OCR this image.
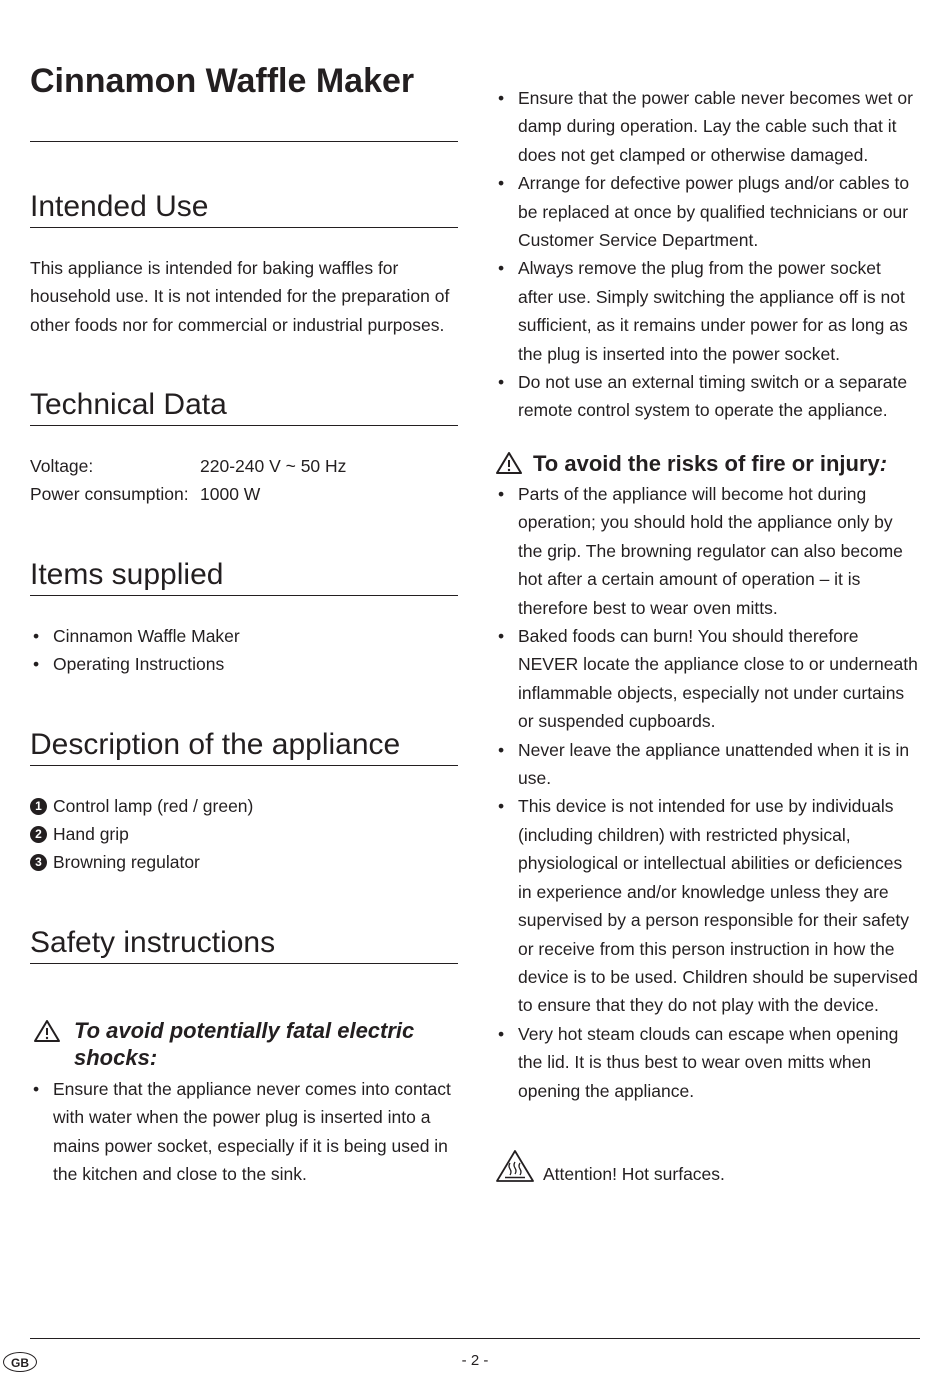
Cinnamon Waffle Maker
Intended Use

This appliance is intended for baking waffles for household use. It is not intended for the preparation of other foods nor for commercial or industrial purposes.

Technical Data
Voltage:	220-240 V ~ 50 Hz
Power consumption: 1000 W
Items supplied
• Cinnamon Waffle Maker
• Operating Instructions
Description of the appliance
1 Control lamp (red / green)
2 Hand grip
3 Browning regulator
Safety instructions
To avoid potentially fatal electric shocks:
• Ensure that the appliance never comes into contact with water when the power plug is inserted into a mains power socket, especially if it is being used in the kitchen and close to the sink.
• Ensure that the power cable never becomes wet or damp during operation. Lay the cable such that it does not get clamped or otherwise damaged.
• Arrange for defective power plugs and/or cables to be replaced at once by qualified technicians or our Customer Service Department.
• Always remove the plug from the power socket after use. Simply switching the appliance off is not sufficient, as it remains under power for as long as the plug is inserted into the power socket.
• Do not use an external timing switch or a separate remote control system to operate the appliance.
To avoid the risks of fire or injury:
• Parts of the appliance will become hot during operation; you should hold the appliance only by the grip. The browning regulator can also become hot after a certain amount of operation – it is therefore best to wear oven mitts.
• Baked foods can burn! You should therefore NEVER locate the appliance close to or underneath inflammable objects, especially not under curtains or suspended cupboards.
• Never leave the appliance unattended when it is in use.
• This device is not intended for use by individuals (including children) with restricted physical, physiological or intellectual abilities or deficiences in experience and/or knowledge unless they are supervised by a person responsible for their safety or receive from this person instruction in how the device is to be used. Children should be supervised to ensure that they do not play with the device.
• Very hot steam clouds can escape when opening the lid. It is thus best to wear oven mitts when opening the appliance.
Attention! Hot surfaces.
GB	- 2 -
